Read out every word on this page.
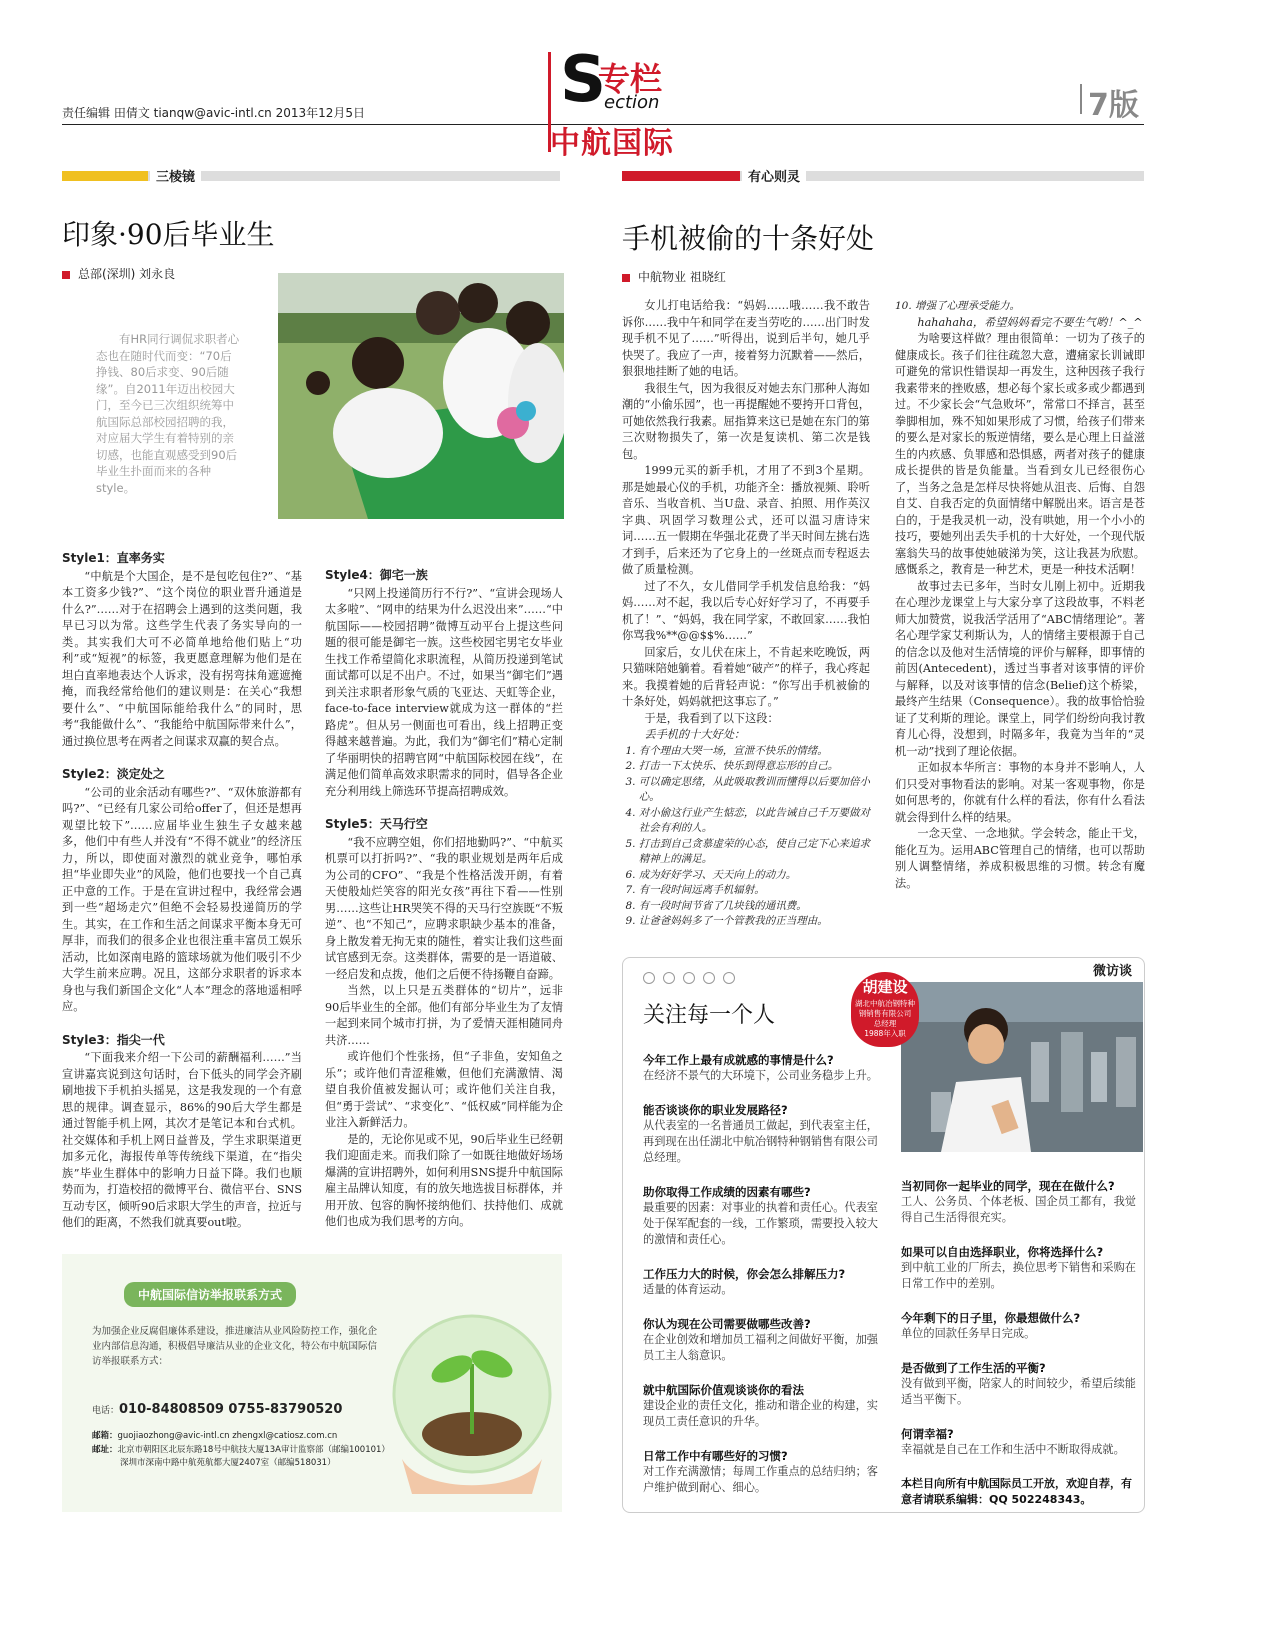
责任编辑 田倩文 tianqw@avic-intl.cn 2013年12月5日	S
专栏
ection
中航国际
7版
三棱镜	有心则灵
印象·90后毕业生
总部(深圳) 刘永良
有HR同行调侃求职者心态也在随时代而变：“70后挣钱、80后求变、90后随缘”。自2011年迈出校园大门，至今已三次组织统筹中航国际总部校园招聘的我，对应届大学生有着特别的亲切感，也能直观感受到90后毕业生扑面而来的各种style。
Style1：直率务实

“中航是个大国企，是不是包吃包住?”、“基本工资多少钱?”、“这个岗位的职业晋升通道是什么?”……对于在招聘会上遇到的这类问题，我早已习以为常。这些学生代表了务实导向的一类。其实我们大可不必简单地给他们贴上“功利”或“短视”的标签，我更愿意理解为他们是在坦白直率地表达个人诉求，没有拐弯抹角遮遮掩掩，而我经常给他们的建议则是：在关心“我想要什么”、“中航国际能给我什么”的同时，思考“我能做什么”、“我能给中航国际带来什么”，通过换位思考在两者之间谋求双赢的契合点。

Style2：淡定处之

“公司的业余活动有哪些?”、“双休旅游都有吗?”、“已经有几家公司给offer了，但还是想再观望比较下”……应届毕业生独生子女越来越多，他们中有些人并没有“不得不就业”的经济压力，所以，即使面对激烈的就业竞争，哪怕承担“毕业即失业”的风险，他们也要找一个自己真正中意的工作。于是在宣讲过程中，我经常会遇到一些“超场走穴”但绝不会轻易投递简历的学生。其实，在工作和生活之间谋求平衡本身无可厚非，而我们的很多企业也很注重丰富员工娱乐活动，比如深南电路的篮球场就为他们吸引不少大学生前来应聘。况且，这部分求职者的诉求本身也与我们新国企文化“人本”理念的落地遥相呼应。

Style3：指尖一代

“下面我来介绍一下公司的薪酬福利……”当宣讲嘉宾说到这句话时，台下低头的同学会齐刷刷地拔下手机拍头摇晃，这是我发现的一个有意思的规律。调查显示，86%的90后大学生都是通过智能手机上网，其次才是笔记本和台式机。社交媒体和手机上网日益普及，学生求职渠道更加多元化，海报传单等传统线下渠道，在“指尖族”毕业生群体中的影响力日益下降。我们也顺势而为，打造校招的微博平台、微信平台、SNS互动专区，倾听90后求职大学生的声音，拉近与他们的距离，不然我们就真要out啦。

Style4：御宅一族

“只网上投递简历行不行?”、“宣讲会现场人太多啦”、“网申的结果为什么迟没出来”……“中航国际——校园招聘”微博互动平台上提这些问题的很可能是御宅一族。这些校园宅男宅女毕业生找工作希望简化求职流程，从简历投递到笔试面试都可以足不出户。不过，如果当“御宅们”遇到关注求职者形象气质的飞亚达、天虹等企业，face-to-face interview就成为这一群体的“拦路虎”。但从另一侧面也可看出，线上招聘正变得越来越普遍。为此，我们为“御宅们”精心定制了华丽明快的招聘官网“中航国际校园在线”，在满足他们简单高效求职需求的同时，倡导各企业充分利用线上筛选环节提高招聘成效。

Style5：天马行空

“我不应聘空姐，你们招地勤吗?”、“中航买机票可以打折吗?”、“我的职业规划是两年后成为公司的CFO”、“我是个性格活泼开朗，有着天使般灿烂笑容的阳光女孩”再往下看——性别男……这些让HR哭笑不得的天马行空族既“不叛逆”、也“不知己”，应聘求职缺少基本的准备，身上散发着无拘无束的随性，着实让我们这些面试官感到无奈。这类群体，需要的是一语道破、一经启发和点拨，他们之后便不待扬鞭自奋蹄。

当然，以上只是五类群体的“切片”，远非90后毕业生的全部。他们有部分毕业生为了友情一起到来同个城市打拼，为了爱情天涯相随同舟共济……

或许他们个性张扬，但“子非鱼，安知鱼之乐”；或许他们青涩稚嫩，但他们充满激情、渴望自我价值被发掘认可；或许他们关注自我，但“勇于尝试”、“求变化”、“低权威”同样能为企业注入新鲜活力。

是的，无论你见或不见，90后毕业生已经朝我们迎面走来。而我们除了一如既往地做好场场爆满的宣讲招聘外，如何利用SNS提升中航国际雇主品牌认知度，有的放矢地选拔目标群体，并用开放、包容的胸怀接纳他们、扶持他们、成就他们也成为我们思考的方向。

中航国际信访举报联系方式
为加强企业反腐倡廉体系建设，推进廉洁从业风险防控工作，强化企业内部信息沟通，积极倡导廉洁从业的企业文化，特公布中航国际信访举报联系方式：
电话：010-84808509 0755-83790520
邮箱：guojiaozhong@avic-intl.cn zhengxl@catiosz.com.cn
邮址：北京市朝阳区北辰东路18号中航技大厦13A审计监察部（邮编100101）
深圳市深南中路中航苑航都大厦2407室（邮编518031）
手机被偷的十条好处
中航物业 祖晓红

女儿打电话给我：“妈妈……哦……我不敢告诉你……我中午和同学在麦当劳吃的……出门时发现手机不见了……”听得出，说到后半句，她几乎快哭了。我应了一声，接着努力沉默着——然后，狠狠地挂断了她的电话。

我很生气，因为我很反对她去东门那种人海如潮的“小偷乐园”，也一再提醒她不要挎开口背包，可她依然我行我素。屈指算来这已是她在东门的第三次财物损失了，第一次是复读机、第二次是钱包。

1999元买的新手机，才用了不到3个星期。那是她最心仪的手机，功能齐全：播放视频、聆听音乐、当收音机、当U盘、录音、拍照、用作英汉字典、巩固学习数理公式，还可以温习唐诗宋词……五一假期在华强北花费了半天时间左挑右选才到手，后来还为了它身上的一丝斑点而专程返去做了质量检测。

过了不久，女儿借同学手机发信息给我：“妈妈……对不起，我以后专心好好学习了，不再要手机了！”、“妈妈，我在同学家，不敢回家……我怕你骂我%**@@$$%……”

回家后，女儿伏在床上，不肯起来吃晚饭，两只猫咪陪她躺着。看着她“破产”的样子，我心疼起来。我摸着她的后背轻声说：“你写出手机被偷的十条好处，妈妈就把这事忘了。”

于是，我看到了以下这段：

丢手机的十大好处：
1. 有个理由大哭一场，宣泄不快乐的情绪。
2. 打击一下太快乐、快乐到得意忘形的自己。
3. 可以确定思绪，从此吸取教训而懂得以后要加倍小心。
4. 对小偷这行业产生惦恋，以此告诫自己千万要做对社会有利的人。
5. 打击到自己贪慕虚荣的心态，使自己定下心来追求精神上的满足。
6. 成为好好学习、天天向上的动力。
7. 有一段时间远离手机辐射。
8. 有一段时间节省了几块钱的通讯费。
9. 让爸爸妈妈多了一个管教我的正当理由。
10. 增强了心理承受能力。

hahahaha，希望妈妈看完不要生气哟！^_^

为啥要这样做？理由很简单：一切为了孩子的健康成长。孩子们往往疏忽大意，遭痛家长训诫即可避免的常识性错误却一再发生，这种因孩子我行我素带来的挫败感，想必每个家长或多或少都遇到过。不少家长会“气急败坏”，常常口不择言，甚至拳脚相加，殊不知如果形成了习惯，给孩子们带来的要么是对家长的叛逆情绪，要么是心理上日益滋生的内疚感、负罪感和恐惧感，两者对孩子的健康成长提供的皆是负能量。当看到女儿已经很伤心了，当务之急是怎样尽快将她从沮丧、后悔、自怨自艾、自我否定的负面情绪中解脱出来。语言是苍白的，于是我灵机一动，没有哄她，用一个小小的技巧，要她列出丢失手机的十大好处，一个现代版塞翁失马的故事使她破涕为笑，这让我甚为欣慰。感慨系之，教育是一种艺术，更是一种技术活啊！

故事过去已多年，当时女儿刚上初中。近期我在心理沙龙课堂上与大家分享了这段故事，不料老师大加赞赏，说我活学活用了“ABC情绪理论”。著名心理学家艾利斯认为，人的情绪主要根源于自己的信念以及他对生活情境的评价与解释，即事情的前因(Antecedent)，透过当事者对该事情的评价与解释，以及对该事情的信念(Belief)这个桥梁，最终产生结果（Consequence）。我的故事恰恰验证了艾利斯的理论。课堂上，同学们纷纷向我讨教育儿心得，没想到，时隔多年，我竟为当年的“灵机一动”找到了理论依据。

正如叔本华所言：事物的本身并不影响人，人们只受对事物看法的影响。对某一客观事物，你是如何思考的，你就有什么样的看法，你有什么看法就会得到什么样的结果。

一念天堂、一念地狱。学会转念，能止干戈，能化互为。运用ABC管理自己的情绪，也可以帮助别人调整情绪，养成积极思维的习惯。转念有魔法。

微访谈
关注每一个人
胡建设
湖北中航冶钢特种
钢销售有限公司
总经理
1988年入职
今年工作上最有成就感的事情是什么?
在经济不景气的大环境下，公司业务稳步上升。
能否谈谈你的职业发展路径?
从代表室的一名普通员工做起，到代表室主任，再到现在出任湖北中航冶钢特种钢销售有限公司总经理。
助你取得工作成绩的因素有哪些?
最重要的因素：对事业的执着和责任心。代表室处于保军配套的一线，工作繁琐，需要投入较大的激情和责任心。
工作压力大的时候，你会怎么排解压力?
适量的体育运动。
你认为现在公司需要做哪些改善?
在企业创效和增加员工福利之间做好平衡，加强员工主人翁意识。
就中航国际价值观谈谈你的看法
建设企业的责任文化，推动和谐企业的构建，实现员工责任意识的升华。
日常工作中有哪些好的习惯?
对工作充满激情；每周工作重点的总结归纳；客户维护做到耐心、细心。
当初同你一起毕业的同学，现在在做什么?
工人、公务员、个体老板、国企员工都有，我觉得自己生活得很充实。
如果可以自由选择职业，你将选择什么?
到中航工业的厂所去，换位思考下销售和采购在日常工作中的差别。
今年剩下的日子里，你最想做什么?
单位的回款任务早日完成。
是否做到了工作生活的平衡?
没有做到平衡，陪家人的时间较少，希望后续能适当平衡下。
何谓幸福?
幸福就是自己在工作和生活中不断取得成就。
本栏目向所有中航国际员工开放，欢迎自荐，有意者请联系编辑：QQ 502248343。
